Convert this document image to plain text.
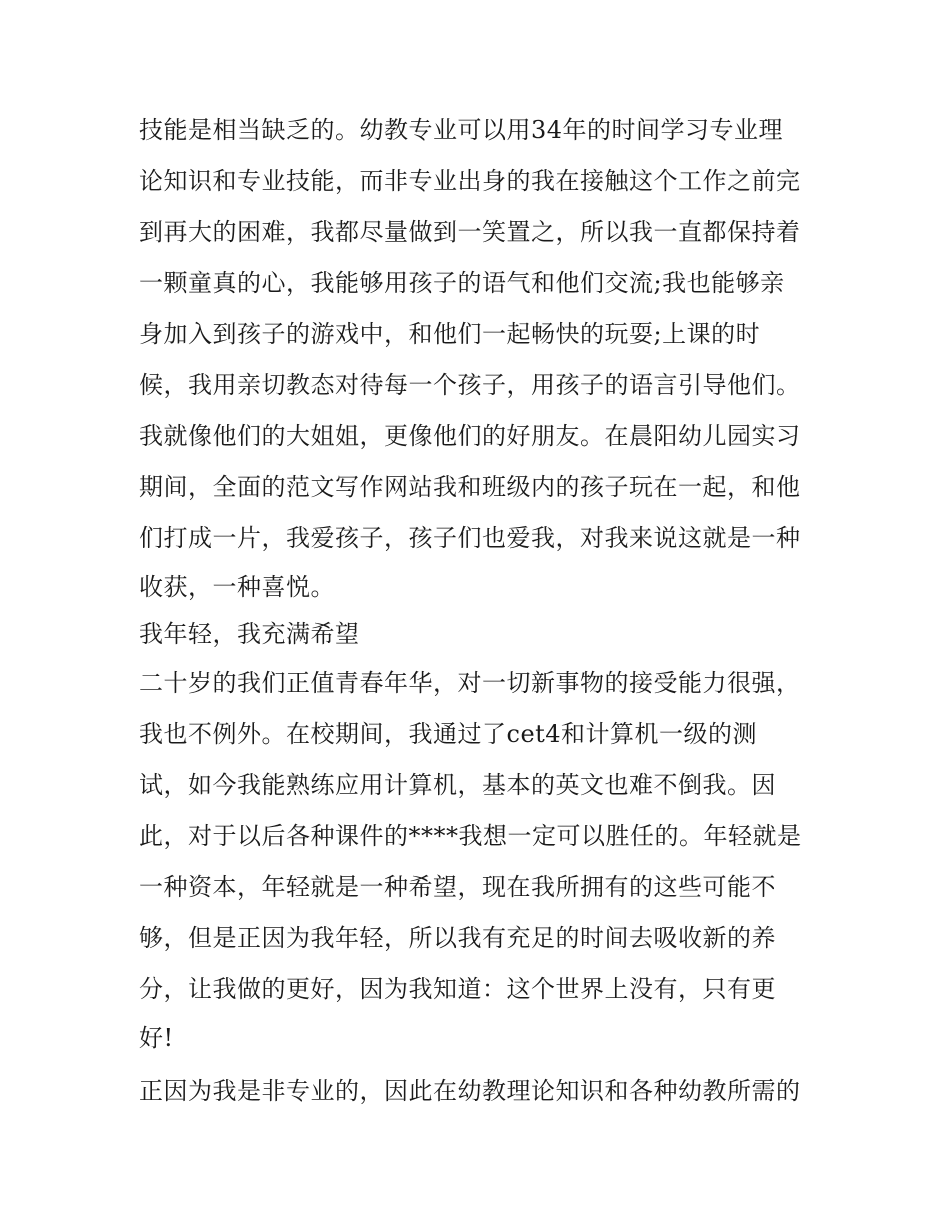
技能是相当缺乏的。幼教专业可以用34年的时间学习专业理
论知识和专业技能，而非专业出身的我在接触这个工作之前完
到再大的困难，我都尽量做到一笑置之，所以我一直都保持着
一颗童真的心，我能够用孩子的语气和他们交流;我也能够亲
身加入到孩子的游戏中，和他们一起畅快的玩耍;上课的时
候，我用亲切教态对待每一个孩子，用孩子的语言引导他们。
我就像他们的大姐姐，更像他们的好朋友。在晨阳幼儿园实习
期间，全面的范文写作网站我和班级内的孩子玩在一起，和他
们打成一片，我爱孩子，孩子们也爱我，对我来说这就是一种
收获，一种喜悦。
我年轻，我充满希望
二十岁的我们正值青春年华，对一切新事物的接受能力很强，
我也不例外。在校期间，我通过了cet4和计算机一级的测
试，如今我能熟练应用计算机，基本的英文也难不倒我。因
此，对于以后各种课件的****我想一定可以胜任的。年轻就是
一种资本，年轻就是一种希望，现在我所拥有的这些可能不
够，但是正因为我年轻，所以我有充足的时间去吸收新的养
分，让我做的更好，因为我知道：这个世界上没有，只有更
好!
正因为我是非专业的，因此在幼教理论知识和各种幼教所需的
